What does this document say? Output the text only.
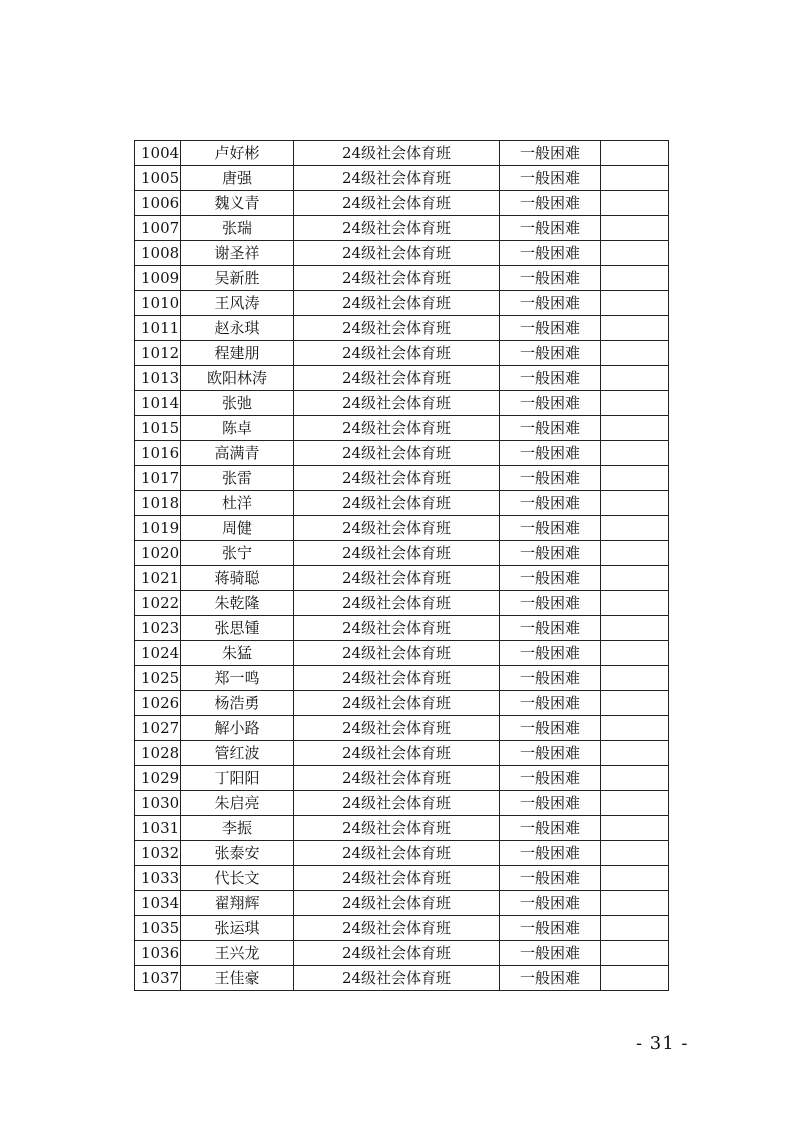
1004	卢好彬	24级社会体育班	一般困难	
1005	唐强	24级社会体育班	一般困难	
1006	魏义青	24级社会体育班	一般困难	
1007	张瑞	24级社会体育班	一般困难	
1008	谢圣祥	24级社会体育班	一般困难	
1009	吴新胜	24级社会体育班	一般困难	
1010	王风涛	24级社会体育班	一般困难	
1011	赵永琪	24级社会体育班	一般困难	
1012	程建朋	24级社会体育班	一般困难	
1013	欧阳林涛	24级社会体育班	一般困难	
1014	张弛	24级社会体育班	一般困难	
1015	陈卓	24级社会体育班	一般困难	
1016	高满青	24级社会体育班	一般困难	
1017	张雷	24级社会体育班	一般困难	
1018	杜洋	24级社会体育班	一般困难	
1019	周健	24级社会体育班	一般困难	
1020	张宁	24级社会体育班	一般困难	
1021	蒋骑聪	24级社会体育班	一般困难	
1022	朱乾隆	24级社会体育班	一般困难	
1023	张思锺	24级社会体育班	一般困难	
1024	朱猛	24级社会体育班	一般困难	
1025	郑一鸣	24级社会体育班	一般困难	
1026	杨浩勇	24级社会体育班	一般困难	
1027	解小路	24级社会体育班	一般困难	
1028	管红波	24级社会体育班	一般困难	
1029	丁阳阳	24级社会体育班	一般困难	
1030	朱启亮	24级社会体育班	一般困难	
1031	李振	24级社会体育班	一般困难	
1032	张泰安	24级社会体育班	一般困难	
1033	代长文	24级社会体育班	一般困难	
1034	翟翔辉	24级社会体育班	一般困难	
1035	张运琪	24级社会体育班	一般困难	
1036	王兴龙	24级社会体育班	一般困难	
1037	王佳豪	24级社会体育班	一般困难	
- 31 -
